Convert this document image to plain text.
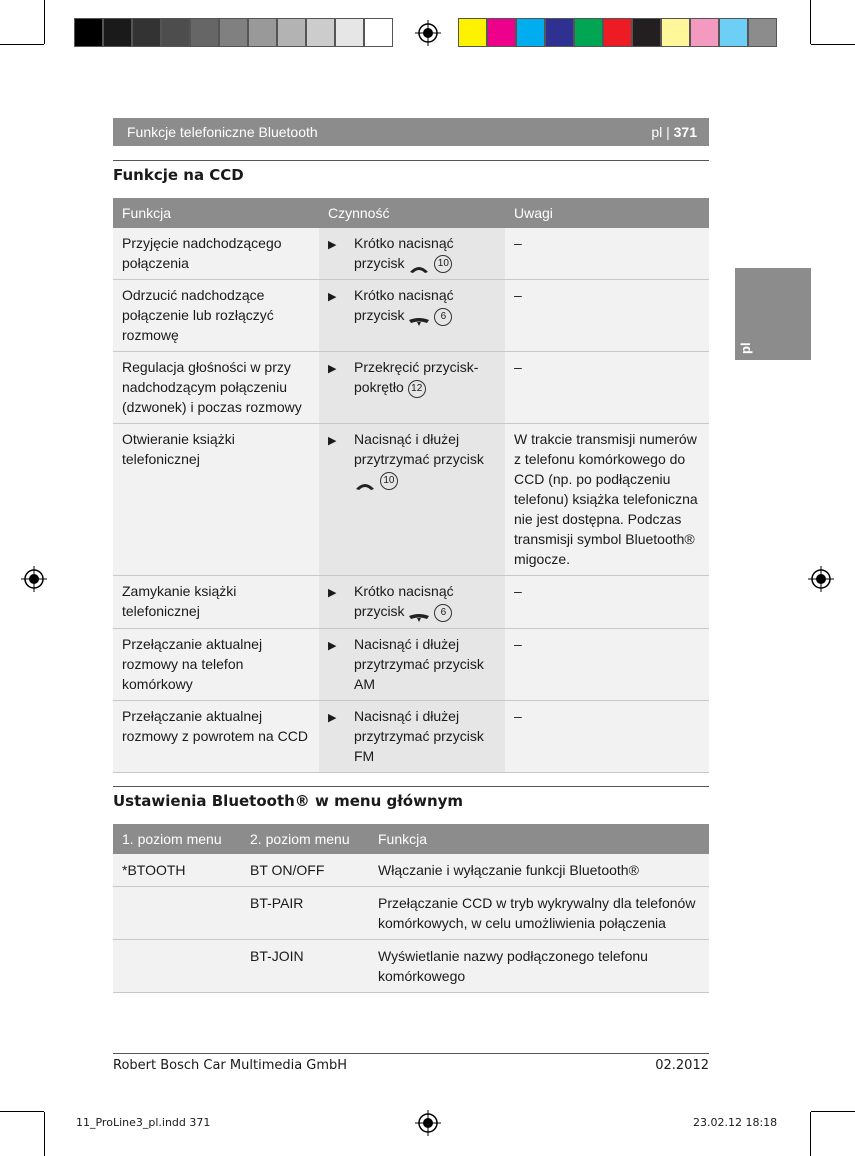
Funkcje telefoniczne Bluetooth	pl | 371
pl
Funkcje na CCD
Funkcja	Czynność	Uwagi
Przyjęcie nadchodzącego połączenia	▶ Krótko nacisnąć przycisk 10	–
Odrzucić nadchodzące połączenie lub rozłączyć rozmowę	▶ Krótko nacisnąć przycisk 6	–
Regulacja głośności w przy nadchodzącym połączeniu (dzwonek) i poczas rozmowy	▶ Przekręcić przycisk-pokrętło 12	–
Otwieranie książki telefonicznej	▶ Nacisnąć i dłużej przytrzymać przycisk  10	W trakcie transmisji numerów z telefonu komórkowego do CCD (np. po podłączeniu telefonu) książka telefoniczna nie jest dostępna. Podczas transmisji symbol Bluetooth® migocze.
Zamykanie książki telefonicznej	▶ Krótko nacisnąć przycisk 6	–
Przełączanie aktualnej rozmowy na telefon komórkowy	▶ Nacisnąć i dłużej przytrzymać przycisk AM	–
Przełączanie aktualnej rozmowy z powrotem na CCD	▶ Nacisnąć i dłużej przytrzymać przycisk FM	–
Ustawienia Bluetooth® w menu głównym
1. poziom menu	2. poziom menu	Funkcja
*BTOOTH	BT ON/OFF	Włączanie i wyłączanie funkcji Bluetooth®
	BT-PAIR	Przełączanie CCD w tryb wykrywalny dla telefonów komórkowych, w celu umożliwienia połączenia
	BT-JOIN	Wyświetlanie nazwy podłączonego telefonu komórkowego
Robert Bosch Car Multimedia GmbH	02.2012
11_ProLine3_pl.indd 371	23.02.12 18:18
